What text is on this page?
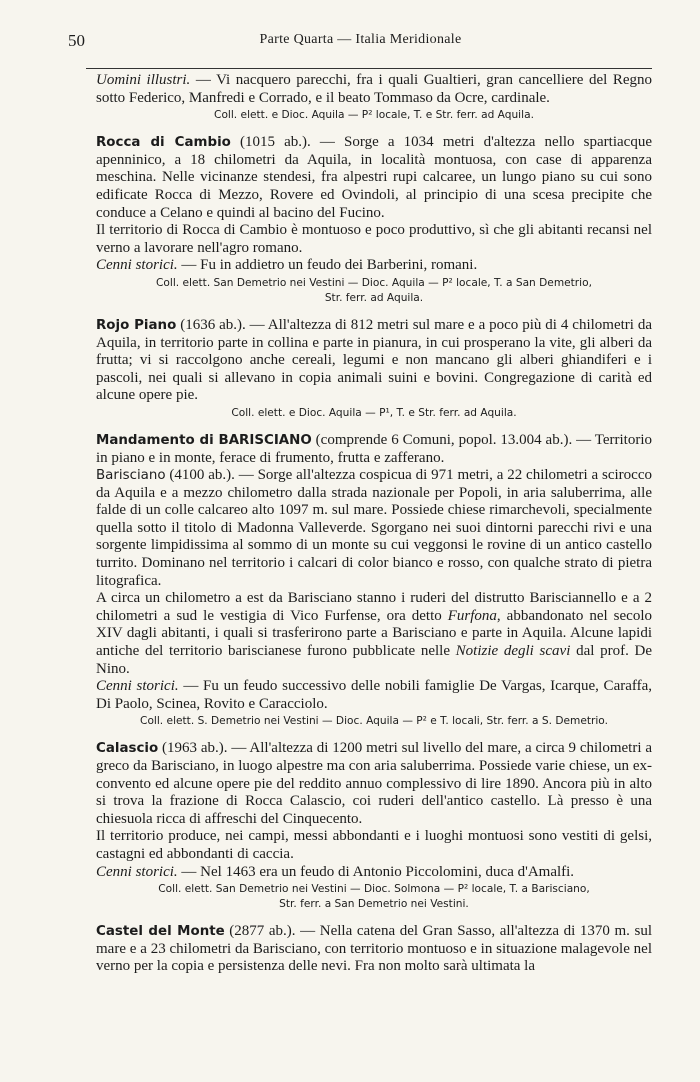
50	Parte Quarta — Italia Meridionale

Uomini illustri. — Vi nacquero parecchi, fra i quali Gualtieri, gran cancelliere del Regno sotto Federico, Manfredi e Corrado, e il beato Tommaso da Ocre, cardinale.

Coll. elett. e Dioc. Aquila — P² locale, T. e Str. ferr. ad Aquila.

Rocca di Cambio (1015 ab.). — Sorge a 1034 metri d'altezza nello spartiacque apenninico, a 18 chilometri da Aquila, in località montuosa, con case di apparenza meschina. Nelle vicinanze stendesi, fra alpestri rupi calcaree, un lungo piano su cui sono edificate Rocca di Mezzo, Rovere ed Ovindoli, al principio di una scesa precipite che conduce a Celano e quindi al bacino del Fucino.

Il territorio di Rocca di Cambio è montuoso e poco produttivo, sì che gli abitanti recansi nel verno a lavorare nell'agro romano.

Cenni storici. — Fu in addietro un feudo dei Barberini, romani.

Coll. elett. San Demetrio nei Vestini — Dioc. Aquila — P² locale, T. a San Demetrio,
Str. ferr. ad Aquila.

Rojo Piano (1636 ab.). — All'altezza di 812 metri sul mare e a poco più di 4 chilometri da Aquila, in territorio parte in collina e parte in pianura, in cui prosperano la vite, gli alberi da frutta; vi si raccolgono anche cereali, legumi e non mancano gli alberi ghiandiferi e i pascoli, nei quali si allevano in copia animali suini e bovini. Congregazione di carità ed alcune opere pie.

Coll. elett. e Dioc. Aquila — P¹, T. e Str. ferr. ad Aquila.

Mandamento di BARISCIANO (comprende 6 Comuni, popol. 13.004 ab.). — Territorio in piano e in monte, ferace di frumento, frutta e zafferano.

Barisciano (4100 ab.). — Sorge all'altezza cospicua di 971 metri, a 22 chilometri a scirocco da Aquila e a mezzo chilometro dalla strada nazionale per Popoli, in aria saluberrima, alle falde di un colle calcareo alto 1097 m. sul mare. Possiede chiese rimarchevoli, specialmente quella sotto il titolo di Madonna Valleverde. Sgorgano nei suoi dintorni parecchi rivi e una sorgente limpidissima al sommo di un monte su cui veggonsi le rovine di un antico castello turrito. Dominano nel territorio i calcari di color bianco e rosso, con qualche strato di pietra litografica.

A circa un chilometro a est da Barisciano stanno i ruderi del distrutto Barisciannello e a 2 chilometri a sud le vestigia di Vico Furfense, ora detto Furfona, abbandonato nel secolo XIV dagli abitanti, i quali si trasferirono parte a Barisciano e parte in Aquila. Alcune lapidi antiche del territorio bariscianese furono pubblicate nelle Notizie degli scavi dal prof. De Nino.

Cenni storici. — Fu un feudo successivo delle nobili famiglie De Vargas, Icarque, Caraffa, Di Paolo, Scinea, Rovito e Caracciolo.

Coll. elett. S. Demetrio nei Vestini — Dioc. Aquila — P² e T. locali, Str. ferr. a S. Demetrio.

Calascio (1963 ab.). — All'altezza di 1200 metri sul livello del mare, a circa 9 chilometri a greco da Barisciano, in luogo alpestre ma con aria saluberrima. Possiede varie chiese, un ex-convento ed alcune opere pie del reddito annuo complessivo di lire 1890. Ancora più in alto si trova la frazione di Rocca Calascio, coi ruderi dell'antico castello. Là presso è una chiesuola ricca di affreschi del Cinquecento.

Il territorio produce, nei campi, messi abbondanti e i luoghi montuosi sono vestiti di gelsi, castagni ed abbondanti di caccia.

Cenni storici. — Nel 1463 era un feudo di Antonio Piccolomini, duca d'Amalfi.

Coll. elett. San Demetrio nei Vestini — Dioc. Solmona — P² locale, T. a Barisciano,
Str. ferr. a San Demetrio nei Vestini.

Castel del Monte (2877 ab.). — Nella catena del Gran Sasso, all'altezza di 1370 m. sul mare e a 23 chilometri da Barisciano, con territorio montuoso e in situazione malagevole nel verno per la copia e persistenza delle nevi. Fra non molto sarà ultimata la
